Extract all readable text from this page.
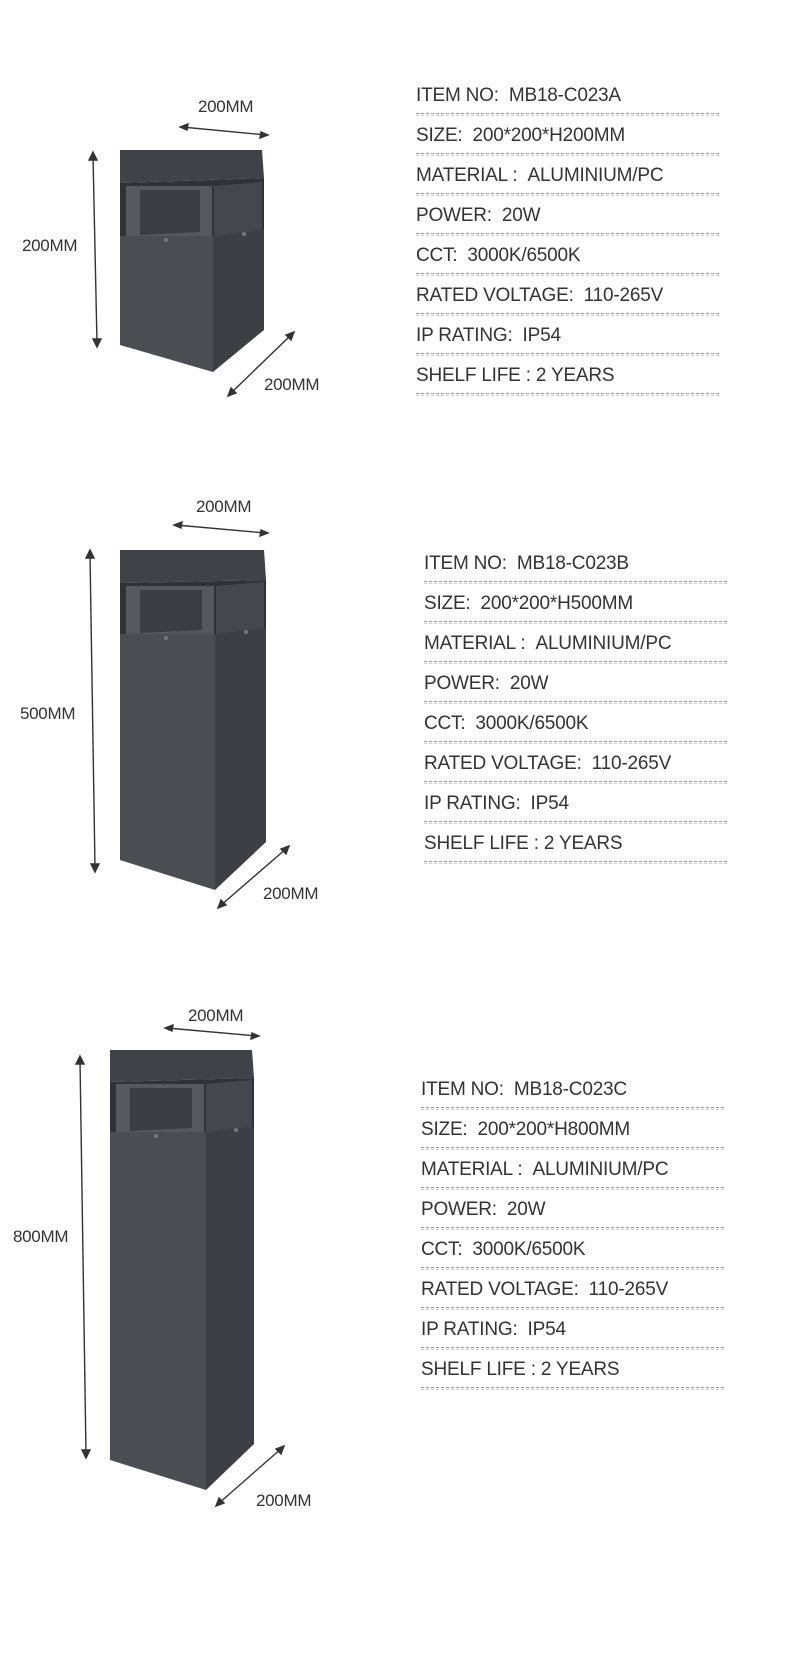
200MM
200MM
200MM
ITEM NO: MB18-C023A
SIZE: 200*200*H200MM
MATERIAL : ALUMINIUM/PC
POWER: 20W
CCT: 3000K/6500K
RATED VOLTAGE: 110-265V
IP RATING: IP54
SHELF LIFE : 2 YEARS
200MM
500MM
200MM
ITEM NO: MB18-C023B
SIZE: 200*200*H500MM
MATERIAL : ALUMINIUM/PC
POWER: 20W
CCT: 3000K/6500K
RATED VOLTAGE: 110-265V
IP RATING: IP54
SHELF LIFE : 2 YEARS
200MM
800MM
200MM
ITEM NO: MB18-C023C
SIZE: 200*200*H800MM
MATERIAL : ALUMINIUM/PC
POWER: 20W
CCT: 3000K/6500K
RATED VOLTAGE: 110-265V
IP RATING: IP54
SHELF LIFE : 2 YEARS
